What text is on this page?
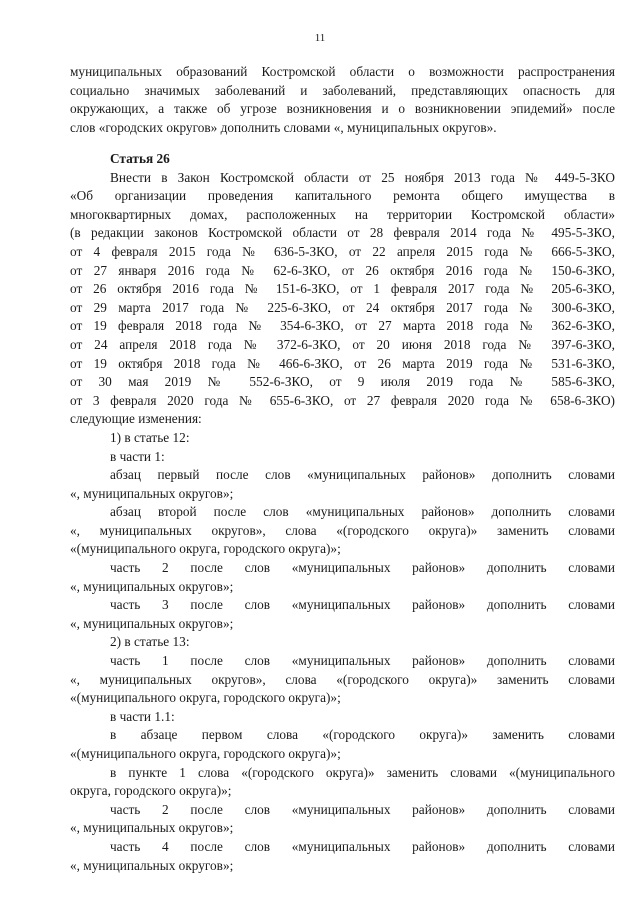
11
муниципальных образований Костромской области о возможности распространения
социально значимых заболеваний и заболеваний, представляющих опасность для
окружающих, а также об угрозе возникновения и о возникновении эпидемий» после
слов «городских округов» дополнить словами «, муниципальных округов».
Статья 26
Внести в Закон Костромской области от 25 ноября 2013 года № 449-5-ЗКО
«Об организации проведения капитального ремонта общего имущества в
многоквартирных домах, расположенных на территории Костромской области»
(в редакции законов Костромской области от 28 февраля 2014 года № 495-5-ЗКО,
от 4 февраля 2015 года № 636-5-ЗКО, от 22 апреля 2015 года № 666-5-ЗКО,
от 27 января 2016 года № 62-6-ЗКО, от 26 октября 2016 года № 150-6-ЗКО,
от 26 октября 2016 года № 151-6-ЗКО, от 1 февраля 2017 года № 205-6-ЗКО,
от 29 марта 2017 года № 225-6-ЗКО, от 24 октября 2017 года № 300-6-ЗКО,
от 19 февраля 2018 года № 354-6-ЗКО, от 27 марта 2018 года № 362-6-ЗКО,
от 24 апреля 2018 года № 372-6-ЗКО, от 20 июня 2018 года № 397-6-ЗКО,
от 19 октября 2018 года № 466-6-ЗКО, от 26 марта 2019 года № 531-6-ЗКО,
от 30 мая 2019 № 552-6-ЗКО, от 9 июля 2019 года № 585-6-ЗКО,
от 3 февраля 2020 года № 655-6-ЗКО, от 27 февраля 2020 года № 658-6-ЗКО)
следующие изменения:
1) в статье 12:
в части 1:
абзац первый после слов «муниципальных районов» дополнить словами
«, муниципальных округов»;
абзац второй после слов «муниципальных районов» дополнить словами
«, муниципальных округов», слова «(городского округа)» заменить словами
«(муниципального округа, городского округа)»;
часть 2 после слов «муниципальных районов» дополнить словами
«, муниципальных округов»;
часть 3 после слов «муниципальных районов» дополнить словами
«, муниципальных округов»;
2) в статье 13:
часть 1 после слов «муниципальных районов» дополнить словами
«, муниципальных округов», слова «(городского округа)» заменить словами
«(муниципального округа, городского округа)»;
в части 1.1:
в абзаце первом слова «(городского округа)» заменить словами
«(муниципального округа, городского округа)»;
в пункте 1 слова «(городского округа)» заменить словами «(муниципального
округа, городского округа)»;
часть 2 после слов «муниципальных районов» дополнить словами
«, муниципальных округов»;
часть 4 после слов «муниципальных районов» дополнить словами
«, муниципальных округов»;
